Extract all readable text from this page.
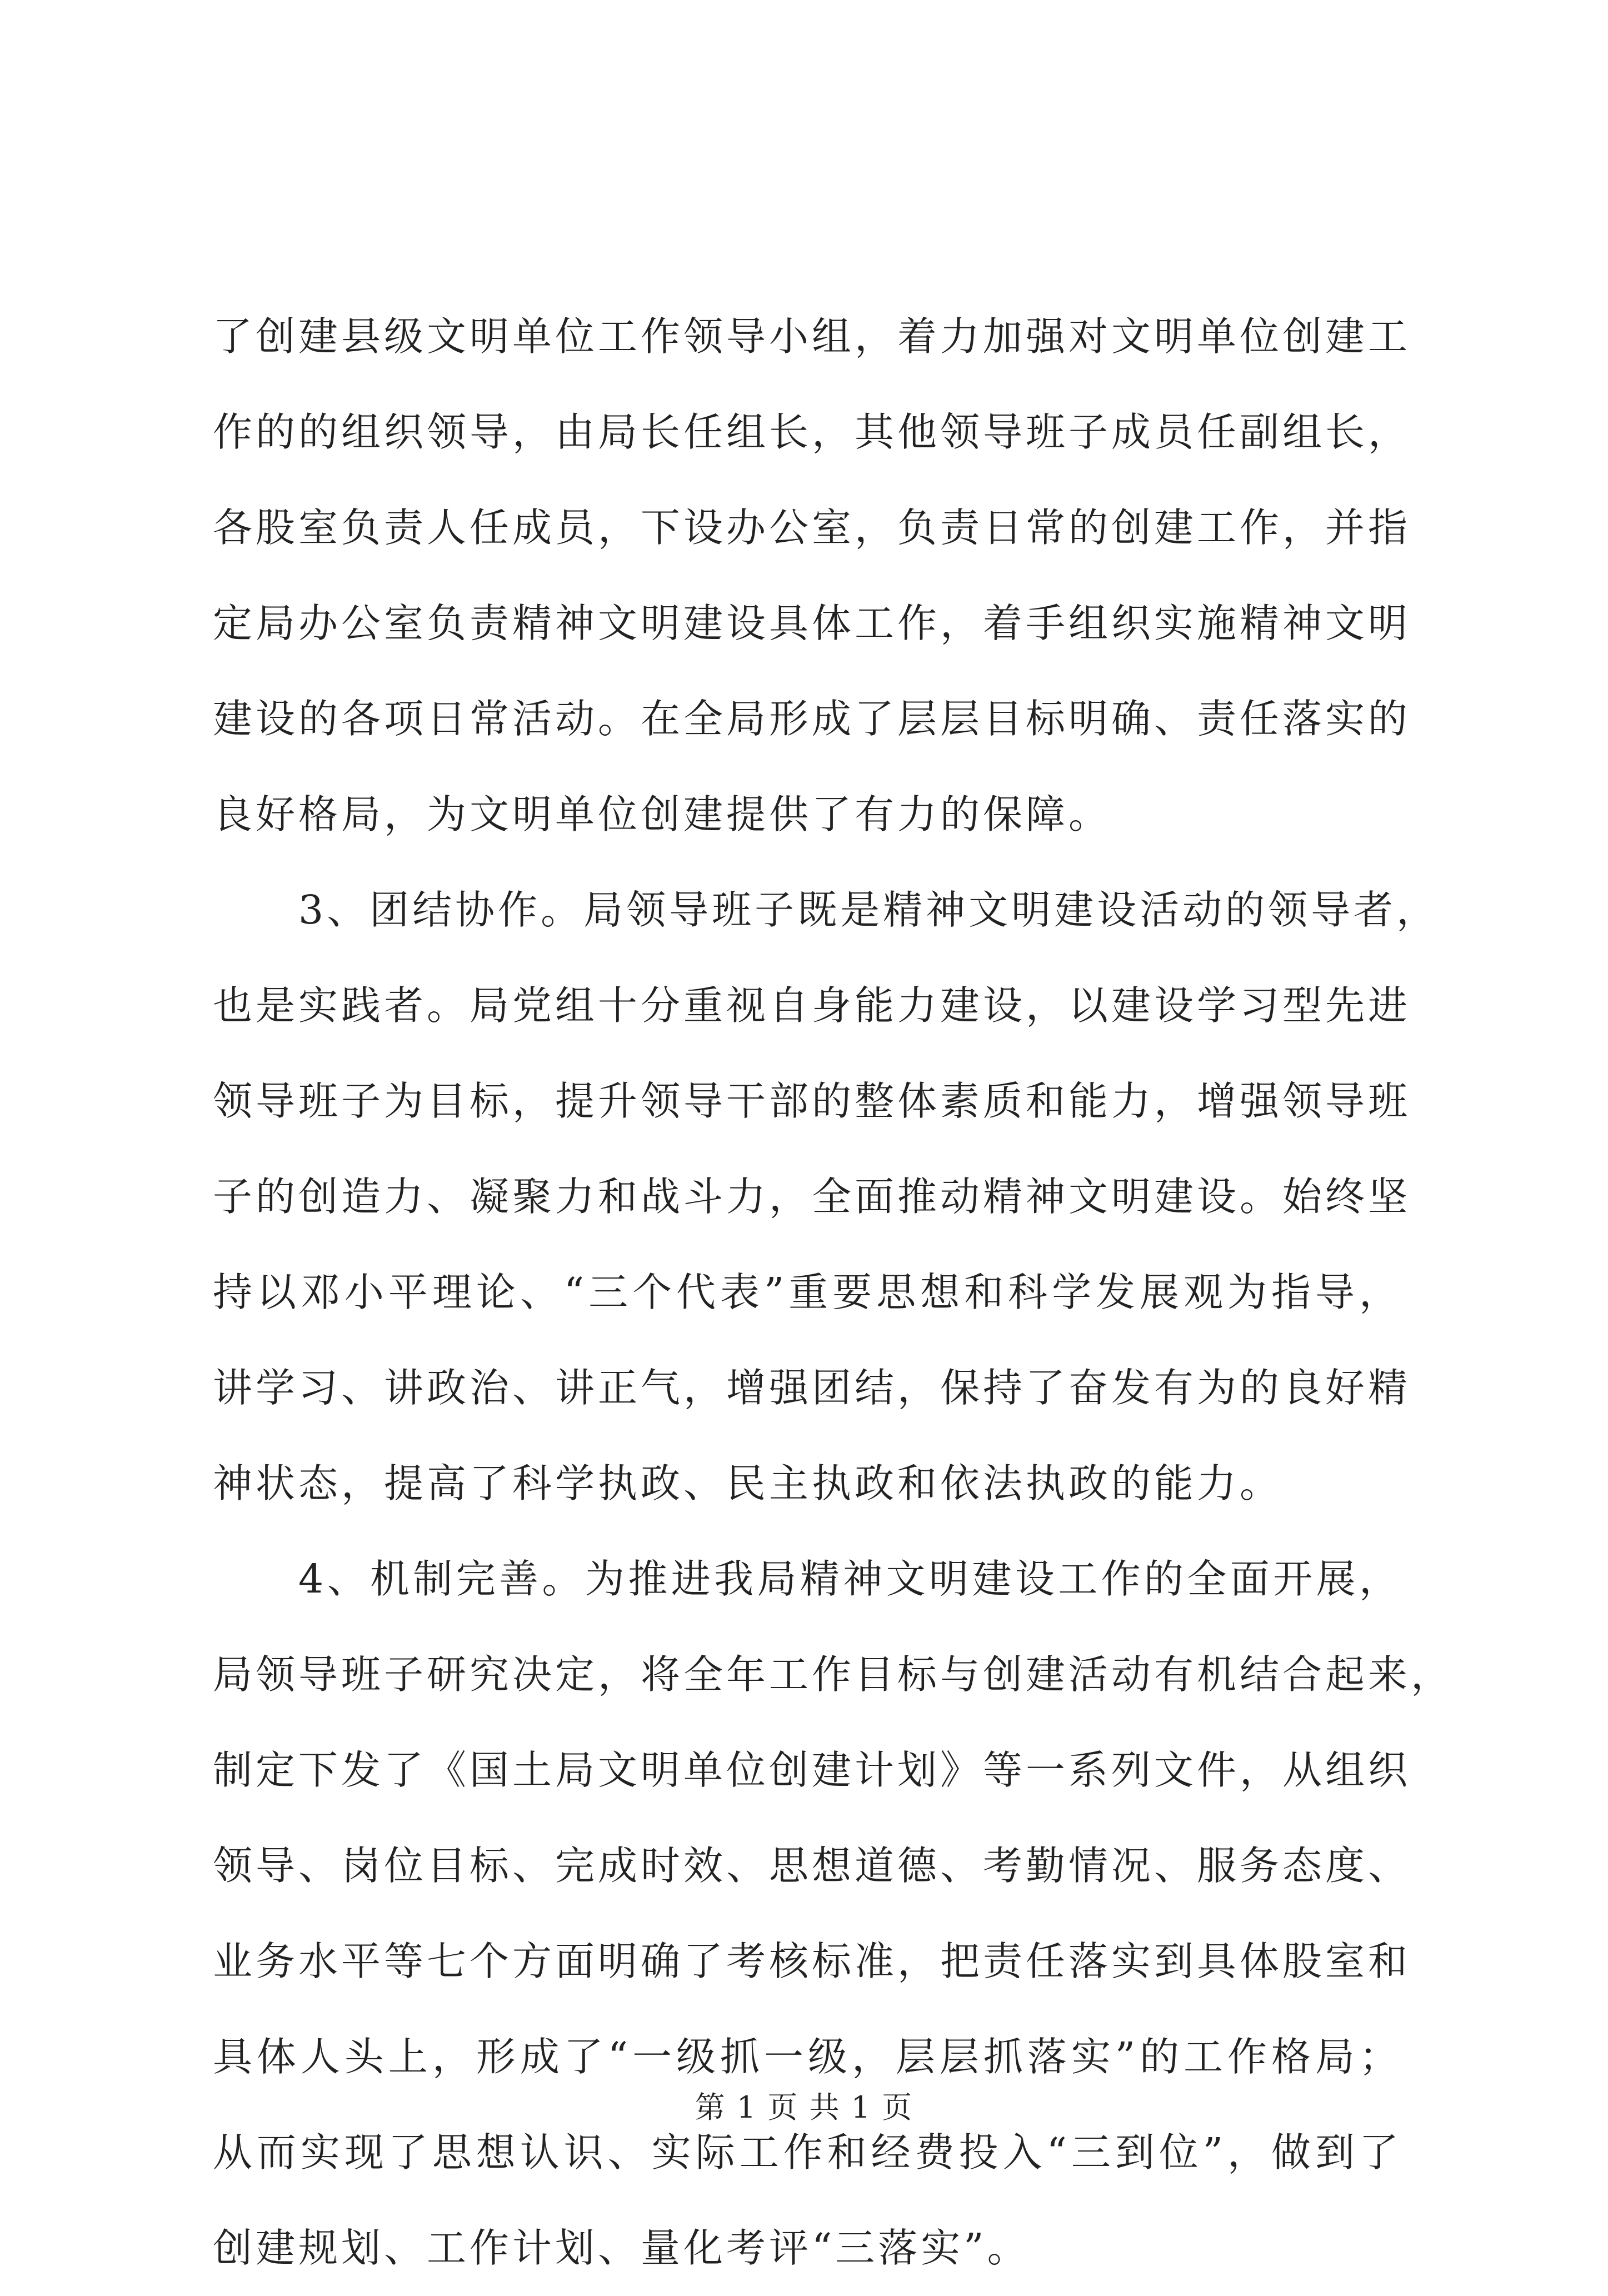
了创建县级文明单位工作领导小组，着力加强对文明单位创建工
作的的组织领导，由局长任组长，其他领导班子成员任副组长，
各股室负责人任成员，下设办公室，负责日常的创建工作，并指
定局办公室负责精神文明建设具体工作，着手组织实施精神文明
建设的各项日常活动。在全局形成了层层目标明确、责任落实的
良好格局，为文明单位创建提供了有力的保障。
3、团结协作。局领导班子既是精神文明建设活动的领导者，
也是实践者。局党组十分重视自身能力建设，以建设学习型先进
领导班子为目标，提升领导干部的整体素质和能力，增强领导班
子的创造力、凝聚力和战斗力，全面推动精神文明建设。始终坚
持以邓小平理论、“三个代表”重要思想和科学发展观为指导，
讲学习、讲政治、讲正气，增强团结，保持了奋发有为的良好精
神状态，提高了科学执政、民主执政和依法执政的能力。
4、机制完善。为推进我局精神文明建设工作的全面开展，
局领导班子研究决定，将全年工作目标与创建活动有机结合起来，
制定下发了《国土局文明单位创建计划》等一系列文件，从组织
领导、岗位目标、完成时效、思想道德、考勤情况、服务态度、
业务水平等七个方面明确了考核标准，把责任落实到具体股室和
具体人头上，形成了“一级抓一级，层层抓落实”的工作格局；
从而实现了思想认识、实际工作和经费投入“三到位”，做到了
创建规划、工作计划、量化考评“三落实”。
第 1 页 共 1 页
